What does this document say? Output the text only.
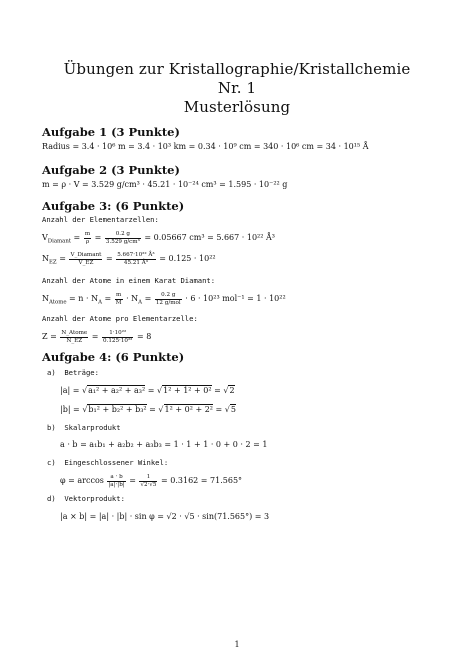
Übungen zur Kristallographie/Kristallchemie
Nr. 1
Musterlösung
Aufgabe 1 (3 Punkte)
Radius = 3.4 · 10⁶ m = 3.4 · 10³ km = 0.34 · 10⁹ cm = 340 · 10⁶ cm = 34 · 10¹⁵ Å
Aufgabe 2 (3 Punkte)
m = ρ · V = 3.529 g/cm³ · 45.21 · 10⁻²⁴ cm³ = 1.595 · 10⁻²² g
Aufgabe 3: (6 Punkte)
Anzahl der Elementarzellen:
$V_{Diamant} = \frac{m}{\rho} = \frac{0.2 g}{\text{3.529 g/cm³}} = 0.05667$ cm³ = 5.667 · 10²² Å³
$N_{EZ} = \frac{\text{V\_Diamant}}{V\_EZ} = \frac{\text{5.667·10²² Å³}}{\text{45.21 Å³}} = 0.125 \cdot 10^{22}$
Anzahl der Atome in einem Karat Diamant:
$N_{Atome} = n \cdot N_A = \frac{m}{M} \cdot N_A = \frac{0.2 g}{\text{12 g/mol}} \cdot 6 \cdot 10^{23}$ mol⁻¹ = 1 · 10²²
Anzahl der Atome pro Elementarzelle:
$Z = \frac{\text{N\_Atome}}{N\_EZ} = \frac{\text{1·10²²}}{\text{0.125·10²²}} = 8$
Aufgabe 4: (6 Punkte)
a) Beträge:
|a| = √a₁² + a₂² + a₃² = √1² + 1² + 0² = √2
|b| = √b₁² + b₂² + b₃² = √1² + 0² + 2² = √5
b) Skalarprodukt
a · b = a₁b₁ + a₂b₂ + a₃b₃ = 1 · 1 + 1 · 0 + 0 · 2 = 1
c) Eingeschlossener Winkel:
$\varphi = \arccos \frac{a \cdot b}{|a|\cdot|b|} = \frac{1}{√2\cdot√5} = 0.3162 = 71.565^\circ$
d) Vektorprodukt:
|a × b| = |a| · |b| · sin φ = √2 · √5 · sin(71.565°) = 3
1
